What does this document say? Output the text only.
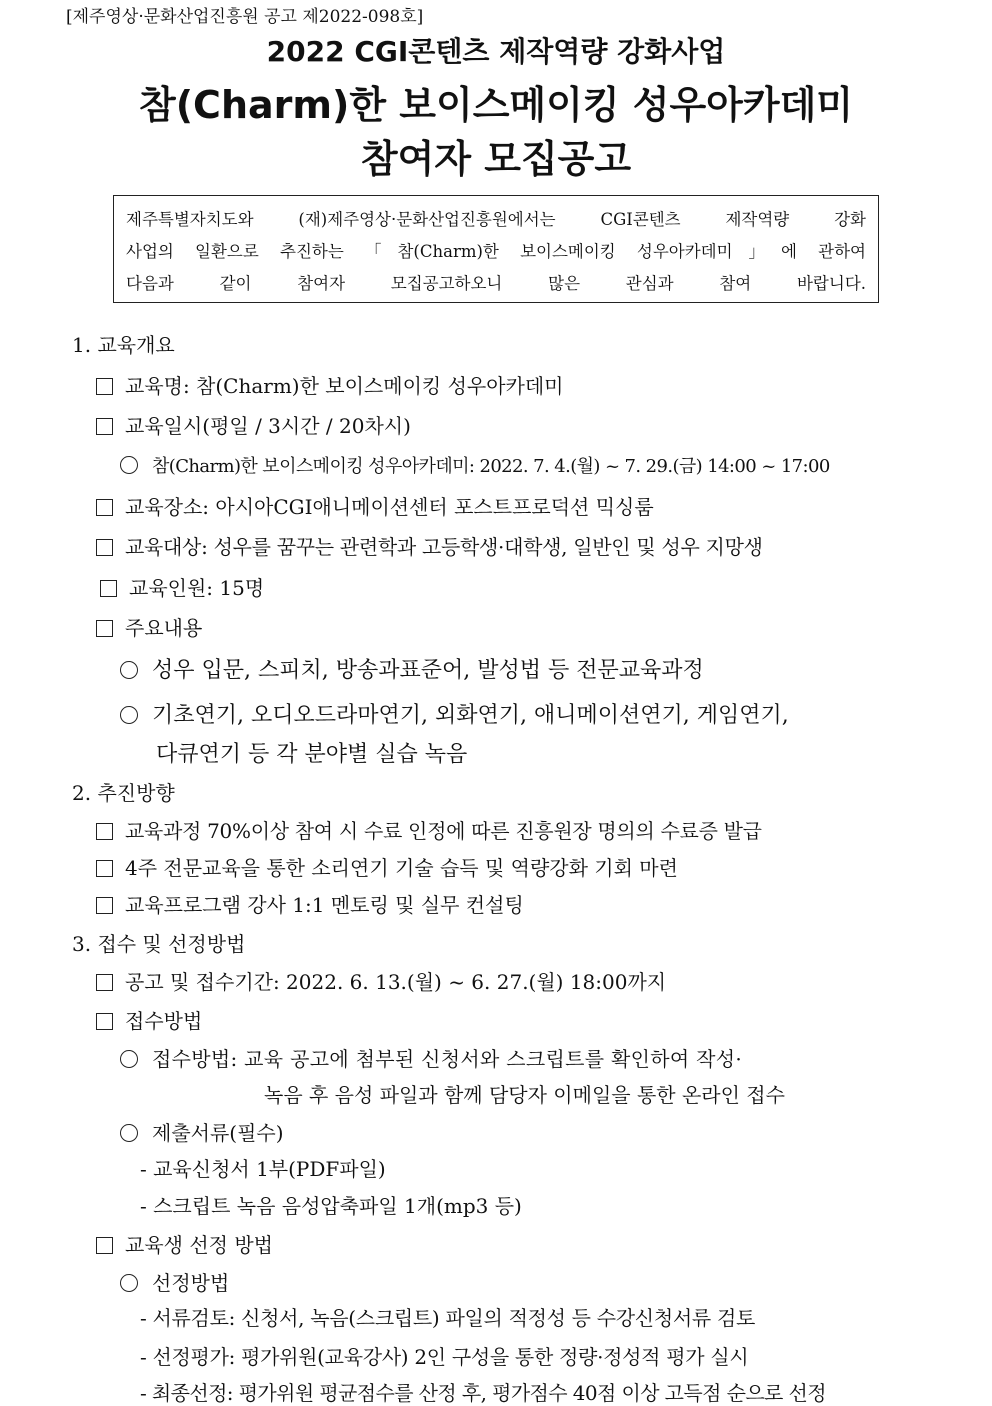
[제주영상·문화산업진흥원 공고 제2022-098호]
2022 CGI콘텐츠 제작역량 강화사업
참(Charm)한 보이스메이킹 성우아카데미
참여자 모집공고
제주특별자치도와 (재)제주영상·문화산업진흥원에서는 CGI콘텐츠 제작역량 강화
사업의 일환으로 추진하는 「참(Charm)한 보이스메이킹 성우아카데미」에 관하여
다음과 같이 참여자 모집공고하오니 많은 관심과 참여 바랍니다.
1. 교육개요
교육명: 참(Charm)한 보이스메이킹 성우아카데미
교육일시(평일 / 3시간 / 20차시)
참(Charm)한 보이스메이킹 성우아카데미: 2022. 7. 4.(월) ~ 7. 29.(금) 14:00 ~ 17:00
교육장소: 아시아CGI애니메이션센터 포스트프로덕션 믹싱룸
교육대상: 성우를 꿈꾸는 관련학과 고등학생·대학생, 일반인 및 성우 지망생
교육인원: 15명
주요내용
성우 입문, 스피치, 방송과표준어, 발성법 등 전문교육과정
기초연기, 오디오드라마연기, 외화연기, 애니메이션연기, 게임연기,
다큐연기 등 각 분야별 실습 녹음
2. 추진방향
교육과정 70%이상 참여 시 수료 인정에 따른 진흥원장 명의의 수료증 발급
4주 전문교육을 통한 소리연기 기술 습득 및 역량강화 기회 마련
교육프로그램 강사 1:1 멘토링 및 실무 컨설팅
3. 접수 및 선정방법
공고 및 접수기간: 2022. 6. 13.(월) ~ 6. 27.(월) 18:00까지
접수방법
접수방법: 교육 공고에 첨부된 신청서와 스크립트를 확인하여 작성·
녹음 후 음성 파일과 함께 담당자 이메일을 통한 온라인 접수
제출서류(필수)
- 교육신청서 1부(PDF파일)
- 스크립트 녹음 음성압축파일 1개(mp3 등)
교육생 선정 방법
선정방법
- 서류검토: 신청서, 녹음(스크립트) 파일의 적정성 등 수강신청서류 검토
- 선정평가: 평가위원(교육강사) 2인 구성을 통한 정량·정성적 평가 실시
- 최종선정: 평가위원 평균점수를 산정 후, 평가점수 40점 이상 고득점 순으로 선정
